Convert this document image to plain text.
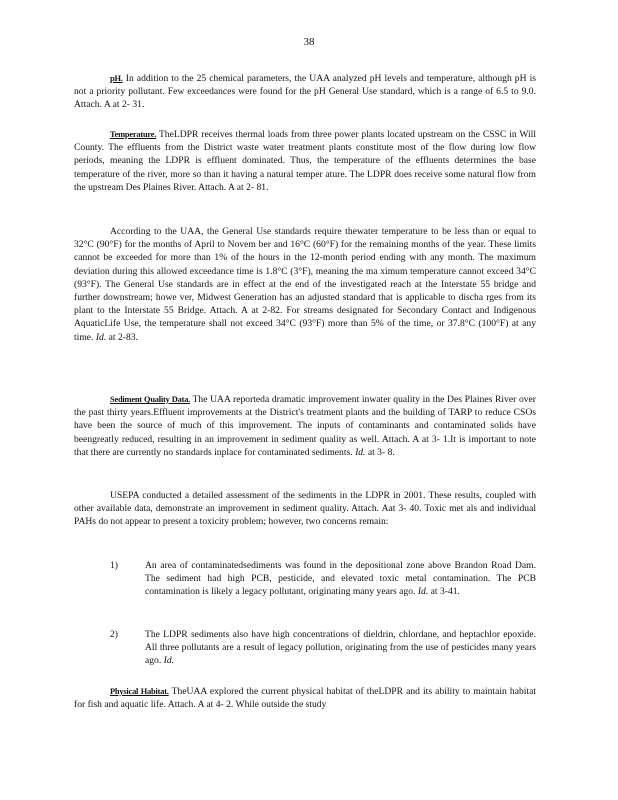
38

pH. In addition to the 25 chemical parameters, the UAA analyzed pH levels and temperature, although pH is not a priority pollutant. Few exceedances were found for the pH General Use standard, which is a range of 6.5 to 9.0. Attach. A at 2- 31.

Temperature. TheLDPR receives thermal loads from three power plants located upstream on the CSSC in Will County. The effluents from the District waste water treatment plants constitute most of the flow during low flow periods, meaning the LDPR is effluent dominated. Thus, the temperature of the effluents determines the base temperature of the river, more so than it having a natural temper ature. The LDPR does receive some natural flow from the upstream Des Plaines River. Attach. A at 2- 81.

According to the UAA, the General Use standards require thewater temperature to be less than or equal to 32°C (90°F) for the months of April to Novem ber and 16°C (60°F) for the remaining months of the year. These limits cannot be exceeded for more than 1% of the hours in the 12-month period ending with any month. The maximum deviation during this allowed exceedance time is 1.8°C (3°F), meaning the ma ximum temperature cannot exceed 34°C (93°F). The General Use standards are in effect at the end of the investigated reach at the Interstate 55 bridge and further downstream; howe ver, Midwest Generation has an adjusted standard that is applicable to discha rges from its plant to the Interstate 55 Bridge. Attach. A at 2-82. For streams designated for Secondary Contact and Indigenous AquaticLife Use, the temperature shall not exceed 34°C (93°F) more than 5% of the time, or 37.8°C (100°F) at any time. Id. at 2-83.

Sediment Quality Data. The UAA reporteda dramatic improvement inwater quality in the Des Plaines River over the past thirty years.Effluent improvements at the District's treatment plants and the building of TARP to reduce CSOs have been the source of much of this improvement. The inputs of contaminants and contaminated solids have beengreatly reduced, resulting in an improvement in sediment quality as well. Attach. A at 3- 1.It is important to note that there are currently no standards inplace for contaminated sediments. Id. at 3- 8.

USEPA conducted a detailed assessment of the sediments in the LDPR in 2001. These results, coupled with other available data, demonstrate an improvement in sediment quality. Attach. Aat 3- 40. Toxic met als and individual PAHs do not appear to present a toxicity problem; however, two concerns remain:

1)	An area of contaminatedsediments was found in the depositional zone above Brandon Road Dam. The sediment had high PCB, pesticide, and elevated toxic metal contamination. The PCB contamination is likely a legacy pollutant, originating many years ago. Id. at 3-41.
2)	The LDPR sediments also have high concentrations of dieldrin, chlordane, and heptachlor epoxide. All three pollutants are a result of legacy pollution, originating from the use of pesticides many years ago. Id.

Physical Habitat. TheUAA explored the current physical habitat of theLDPR and its ability to maintain habitat for fish and aquatic life. Attach. A at 4- 2. While outside the study
